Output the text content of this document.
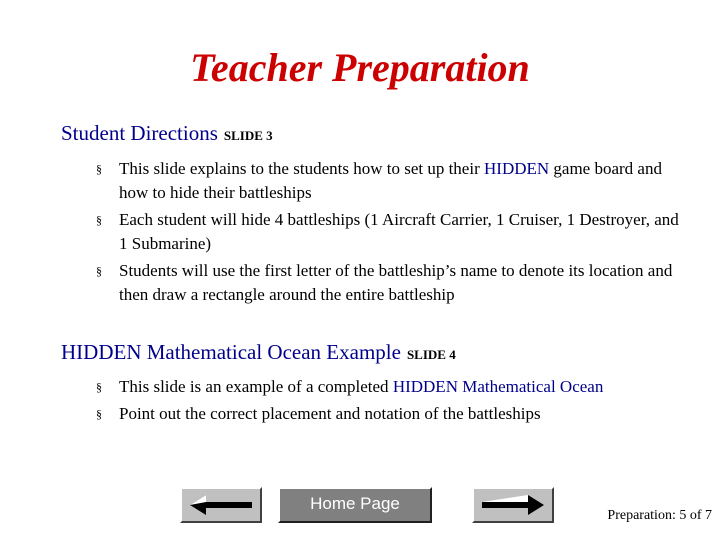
Teacher Preparation
Student Directions SLIDE 3
§ This slide explains to the students how to set up their HIDDEN game board and how to hide their battleships
§ Each student will hide 4 battleships (1 Aircraft Carrier, 1 Cruiser, 1 Destroyer, and 1 Submarine)
§ Students will use the first letter of the battleship’s name to denote its location and then draw a rectangle around the entire battleship
HIDDEN Mathematical Ocean Example SLIDE 4
§ This slide is an example of a completed HIDDEN Mathematical Ocean
§ Point out the correct placement and notation of the battleships
Home Page
Preparation: 5 of 7
